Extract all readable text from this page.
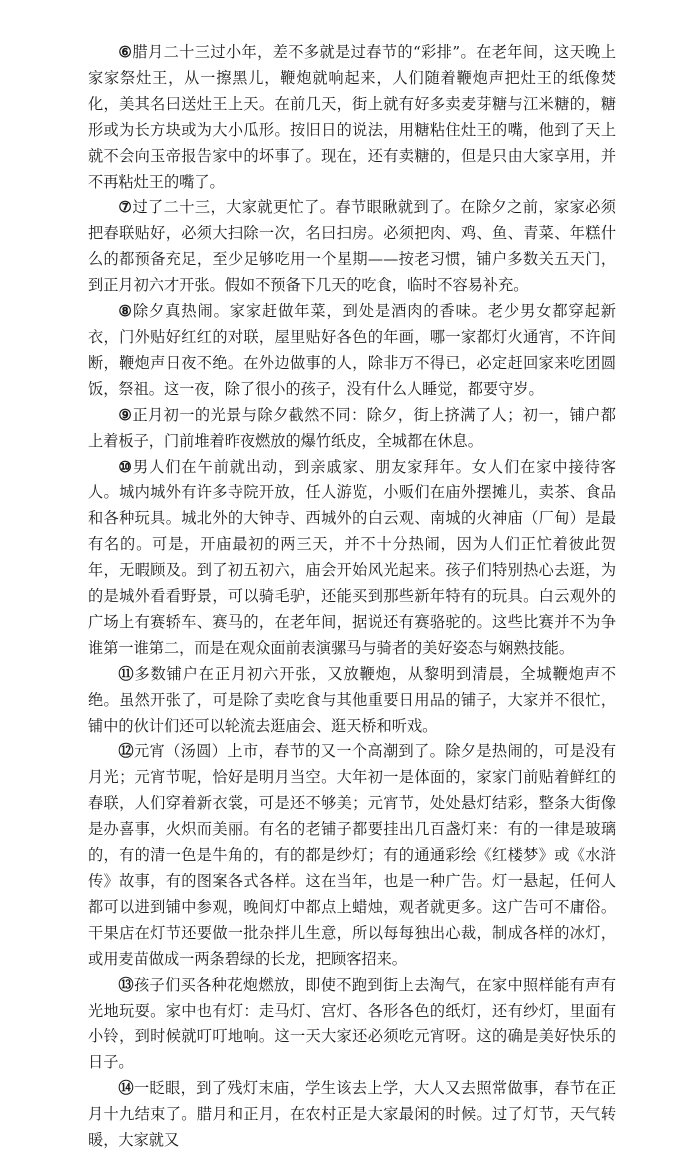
⑥腊月二十三过小年，差不多就是过春节的“彩排”。在老年间，这天晚上家家祭灶王，从一擦黑儿，鞭炮就响起来，人们随着鞭炮声把灶王的纸像焚化，美其名曰送灶王上天。在前几天，街上就有好多卖麦芽糖与江米糖的，糖形或为长方块或为大小瓜形。按旧日的说法，用糖粘住灶王的嘴，他到了天上就不会向玉帝报告家中的坏事了。现在，还有卖糖的，但是只由大家享用，并不再粘灶王的嘴了。

⑦过了二十三，大家就更忙了。春节眼瞅就到了。在除夕之前，家家必须把春联贴好，必须大扫除一次，名曰扫房。必须把肉、鸡、鱼、青菜、年糕什么的都预备充足，至少足够吃用一个星期——按老习惯，铺户多数关五天门，到正月初六才开张。假如不预备下几天的吃食，临时不容易补充。

⑧除夕真热闹。家家赶做年菜，到处是酒肉的香味。老少男女都穿起新衣，门外贴好红红的对联，屋里贴好各色的年画，哪一家都灯火通宵，不许间断，鞭炮声日夜不绝。在外边做事的人，除非万不得已，必定赶回家来吃团圆饭，祭祖。这一夜，除了很小的孩子，没有什么人睡觉，都要守岁。

⑨正月初一的光景与除夕截然不同：除夕，街上挤满了人；初一，铺户都上着板子，门前堆着昨夜燃放的爆竹纸皮，全城都在休息。

⑩男人们在午前就出动，到亲戚家、朋友家拜年。女人们在家中接待客人。城内城外有许多寺院开放，任人游览，小贩们在庙外摆摊儿，卖茶、食品和各种玩具。城北外的大钟寺、西城外的白云观、南城的火神庙（厂甸）是最有名的。可是，开庙最初的两三天，并不十分热闹，因为人们正忙着彼此贺年，无暇顾及。到了初五初六，庙会开始风光起来。孩子们特别热心去逛，为的是城外看看野景，可以骑毛驴，还能买到那些新年特有的玩具。白云观外的广场上有赛轿车、赛马的，在老年间，据说还有赛骆驼的。这些比赛并不为争谁第一谁第二，而是在观众面前表演骡马与骑者的美好姿态与娴熟技能。

⑪多数铺户在正月初六开张，又放鞭炮，从黎明到清晨，全城鞭炮声不绝。虽然开张了，可是除了卖吃食与其他重要日用品的铺子，大家并不很忙，铺中的伙计们还可以轮流去逛庙会、逛天桥和听戏。

⑫元宵（汤圆）上市，春节的又一个高潮到了。除夕是热闹的，可是没有月光；元宵节呢，恰好是明月当空。大年初一是体面的，家家门前贴着鲜红的春联，人们穿着新衣裳，可是还不够美；元宵节，处处悬灯结彩，整条大街像是办喜事，火炽而美丽。有名的老铺子都要挂出几百盏灯来：有的一律是玻璃的，有的清一色是牛角的，有的都是纱灯；有的通通彩绘《红楼梦》或《水浒传》故事，有的图案各式各样。这在当年，也是一种广告。灯一悬起，任何人都可以进到铺中参观，晚间灯中都点上蜡烛，观者就更多。这广告可不庸俗。干果店在灯节还要做一批杂拌儿生意，所以每每独出心裁，制成各样的冰灯，或用麦苗做成一两条碧绿的长龙，把顾客招来。

⑬孩子们买各种花炮燃放，即使不跑到街上去淘气，在家中照样能有声有光地玩耍。家中也有灯：走马灯、宫灯、各形各色的纸灯，还有纱灯，里面有小铃，到时候就叮叮地响。这一天大家还必须吃元宵呀。这的确是美好快乐的日子。

⑭一眨眼，到了残灯末庙，学生该去上学，大人又去照常做事，春节在正月十九结束了。腊月和正月，在农村正是大家最闲的时候。过了灯节，天气转暖，大家就又
